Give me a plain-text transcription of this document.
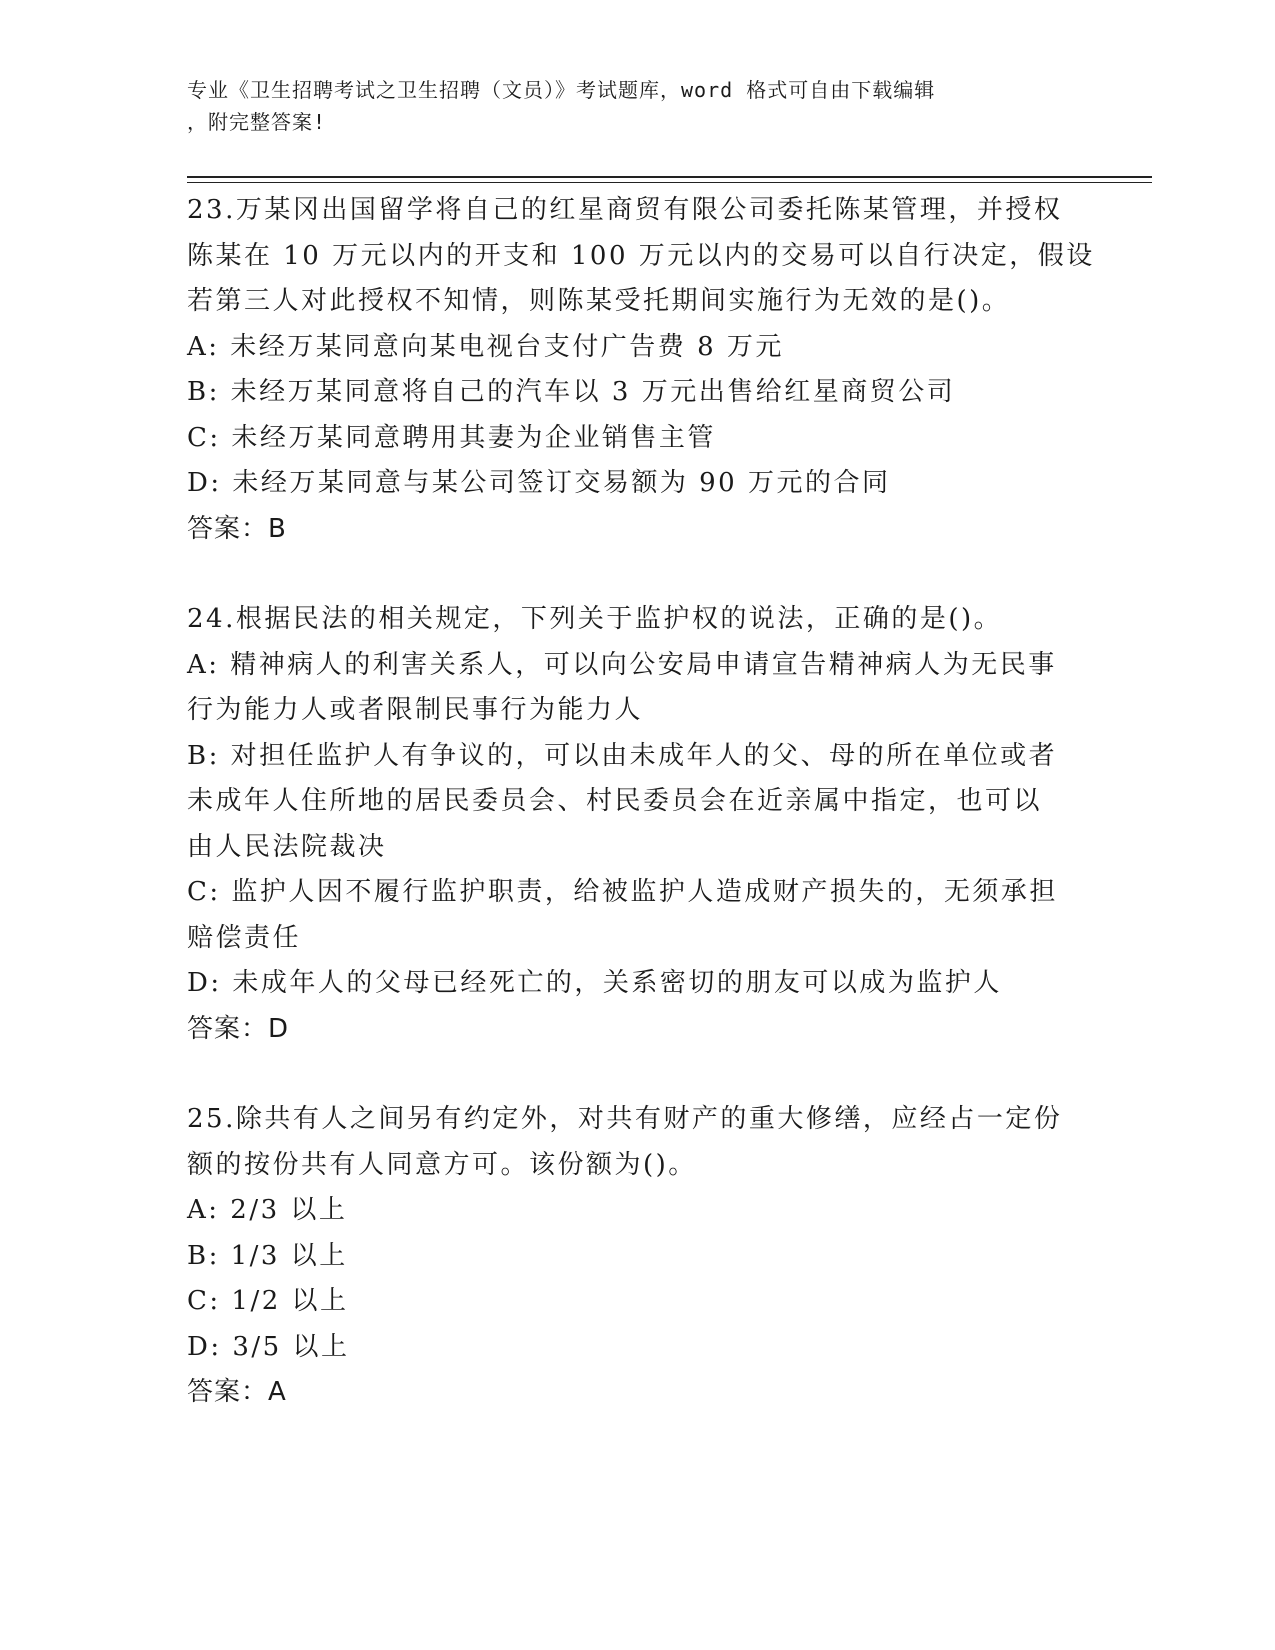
专业《卫生招聘考试之卫生招聘（文员）》考试题库，word 格式可自由下载编辑
，附完整答案!
23.万某冈出国留学将自己的红星商贸有限公司委托陈某管理，并授权
陈某在 10 万元以内的开支和 100 万元以内的交易可以自行决定，假设
若第三人对此授权不知情，则陈某受托期间实施行为无效的是()。
A: 未经万某同意向某电视台支付广告费 8 万元
B: 未经万某同意将自己的汽车以 3 万元出售给红星商贸公司
C: 未经万某同意聘用其妻为企业销售主管
D: 未经万某同意与某公司签订交易额为 90 万元的合同
答案：B
24.根据民法的相关规定，下列关于监护权的说法，正确的是()。
A: 精神病人的利害关系人，可以向公安局申请宣告精神病人为无民事
行为能力人或者限制民事行为能力人
B: 对担任监护人有争议的，可以由未成年人的父、母的所在单位或者
未成年人住所地的居民委员会、村民委员会在近亲属中指定，也可以
由人民法院裁决
C: 监护人因不履行监护职责，给被监护人造成财产损失的，无须承担
赔偿责任
D: 未成年人的父母已经死亡的，关系密切的朋友可以成为监护人
答案：D
25.除共有人之间另有约定外，对共有财产的重大修缮，应经占一定份
额的按份共有人同意方可。该份额为()。
A: 2/3 以上
B: 1/3 以上
C: 1/2 以上
D: 3/5 以上
答案：A
